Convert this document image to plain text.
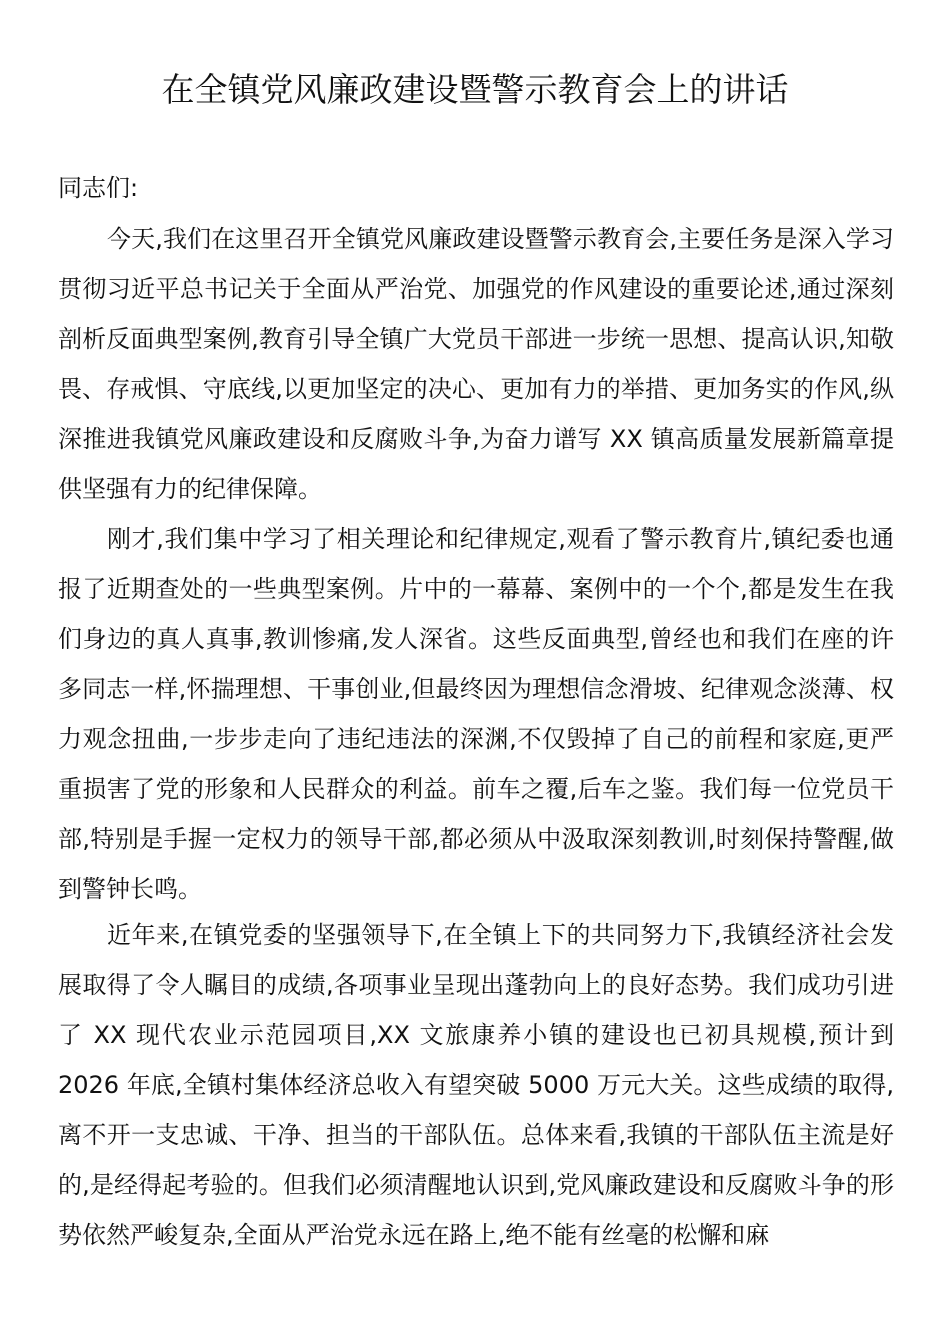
在全镇党风廉政建设暨警示教育会上的讲话
同志们:

今天,我们在这里召开全镇党风廉政建设暨警示教育会,主要任务是深入学习贯彻习近平总书记关于全面从严治党、加强党的作风建设的重要论述,通过深刻剖析反面典型案例,教育引导全镇广大党员干部进一步统一思想、提高认识,知敬畏、存戒惧、守底线,以更加坚定的决心、更加有力的举措、更加务实的作风,纵深推进我镇党风廉政建设和反腐败斗争,为奋力谱写 XX 镇高质量发展新篇章提供坚强有力的纪律保障。

刚才,我们集中学习了相关理论和纪律规定,观看了警示教育片,镇纪委也通报了近期查处的一些典型案例。片中的一幕幕、案例中的一个个,都是发生在我们身边的真人真事,教训惨痛,发人深省。这些反面典型,曾经也和我们在座的许多同志一样,怀揣理想、干事创业,但最终因为理想信念滑坡、纪律观念淡薄、权力观念扭曲,一步步走向了违纪违法的深渊,不仅毁掉了自己的前程和家庭,更严重损害了党的形象和人民群众的利益。前车之覆,后车之鉴。我们每一位党员干部,特别是手握一定权力的领导干部,都必须从中汲取深刻教训,时刻保持警醒,做到警钟长鸣。

近年来,在镇党委的坚强领导下,在全镇上下的共同努力下,我镇经济社会发展取得了令人瞩目的成绩,各项事业呈现出蓬勃向上的良好态势。我们成功引进了 XX 现代农业示范园项目,XX 文旅康养小镇的建设也已初具规模,预计到 2026 年底,全镇村集体经济总收入有望突破 5000 万元大关。这些成绩的取得,离不开一支忠诚、干净、担当的干部队伍。总体来看,我镇的干部队伍主流是好的,是经得起考验的。但我们必须清醒地认识到,党风廉政建设和反腐败斗争的形势依然严峻复杂,全面从严治党永远在路上,绝不能有丝毫的松懈和麻
